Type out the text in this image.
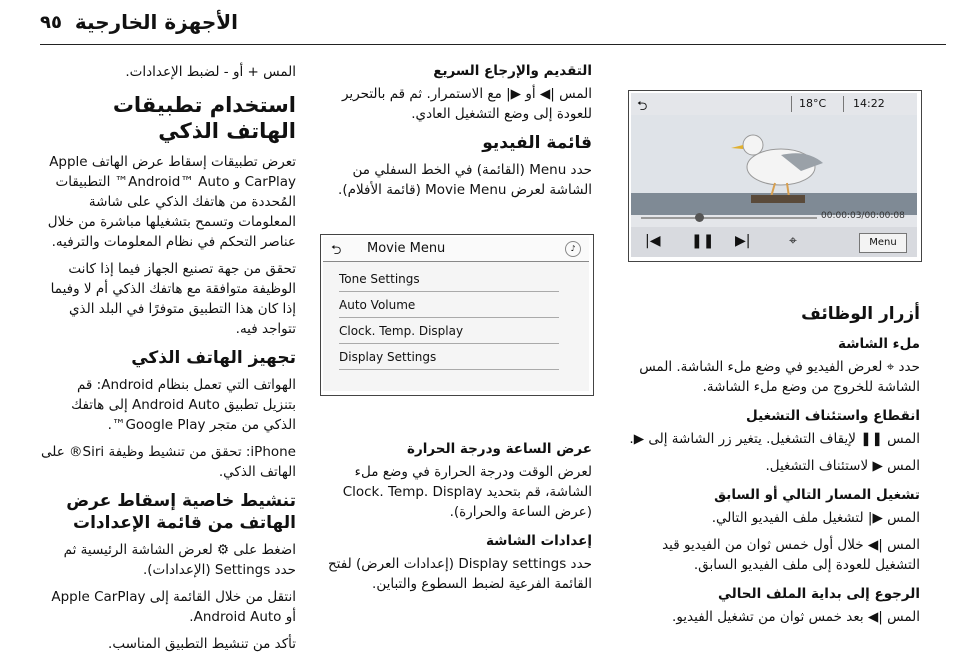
٩٥ الأجهزة الخارجية
⮌	18°C 14:22
00:00:03/00:00:08
|◀ ❚❚ ▶|	⌖	Menu
أزرار الوظائف
ملء الشاشة

حدد ⌖ لعرض الفيديو في وضع ملء الشاشة. المس الشاشة للخروج من وضع ملء الشاشة.

انقطاع واستئناف التشغيل

المس ❚❚ لإيقاف التشغيل. يتغير زر الشاشة إلى ▶.

المس ▶ لاستئناف التشغيل.

تشغيل المسار التالي أو السابق

المس ▶| لتشغيل ملف الفيديو التالي.

المس |◀ خلال أول خمس ثوان من الفيديو قيد التشغيل للعودة إلى ملف الفيديو السابق.

الرجوع إلى بداية الملف الحالي

المس |◀ بعد خمس ثوان من تشغيل الفيديو.

التقديم والإرجاع السريع

المس |◀ أو ▶| مع الاستمرار. ثم قم بالتحرير للعودة إلى وضع التشغيل العادي.

قائمة الفيديو

حدد Menu (القائمة) في الخط السفلي من الشاشة لعرض Movie Menu (قائمة الأفلام).

⮌ Movie Menu	♪
Tone Settings
Auto Volume
Clock. Temp. Display
Display Settings
عرض الساعة ودرجة الحرارة

لعرض الوقت ودرجة الحرارة في وضع ملء الشاشة، قم بتحديد Clock. Temp. Display (عرض الساعة والحرارة).

إعدادات الشاشة

حدد Display settings (إعدادات العرض) لفتح القائمة الفرعية لضبط السطوع والتباين.

المس + أو - لضبط الإعدادات.

استخدام تطبيقات الهاتف الذكي

تعرض تطبيقات إسقاط عرض الهاتف Apple CarPlay و Android™ Auto™ التطبيقات المُحددة من هاتفك الذكي على شاشة المعلومات وتسمح بتشغيلها مباشرة من خلال عناصر التحكم في نظام المعلومات والترفيه.

تحقق من جهة تصنيع الجهاز فيما إذا كانت الوظيفة متوافقة مع هاتفك الذكي أم لا وفيما إذا كان هذا التطبيق متوفرًا في البلد الذي تتواجد فيه.

تجهيز الهاتف الذكي

الهواتف التي تعمل بنظام Android: قم بتنزيل تطبيق Android Auto إلى هاتفك الذكي من متجر Google Play™.

iPhone: تحقق من تنشيط وظيفة Siri® على الهاتف الذكي.

تنشيط خاصية إسقاط عرض الهاتف من قائمة الإعدادات

اضغط على ⚙ لعرض الشاشة الرئيسية ثم حدد Settings (الإعدادات).

انتقل من خلال القائمة إلى Apple CarPlay أو Android Auto.

تأكد من تنشيط التطبيق المناسب.
